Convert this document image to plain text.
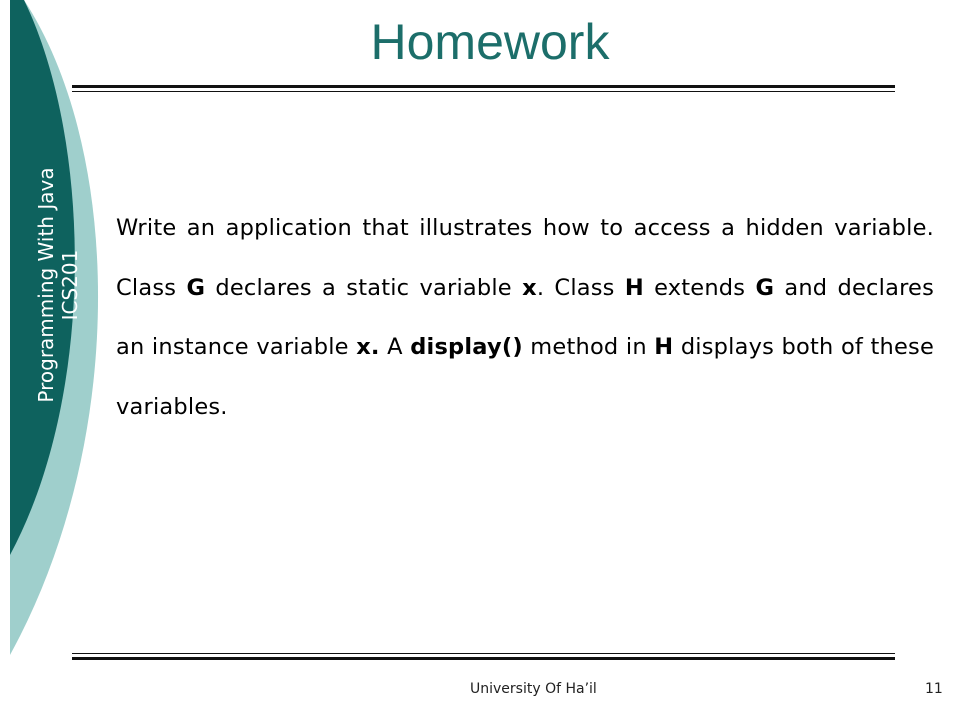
Programming With Java ICS201
Homework
Write an application that illustrates how to access a hidden variable. Class G declares a static variable x. Class H extends G and declares an instance variable x. A display() method in H displays both of these variables.
University Of Ha’il	11
